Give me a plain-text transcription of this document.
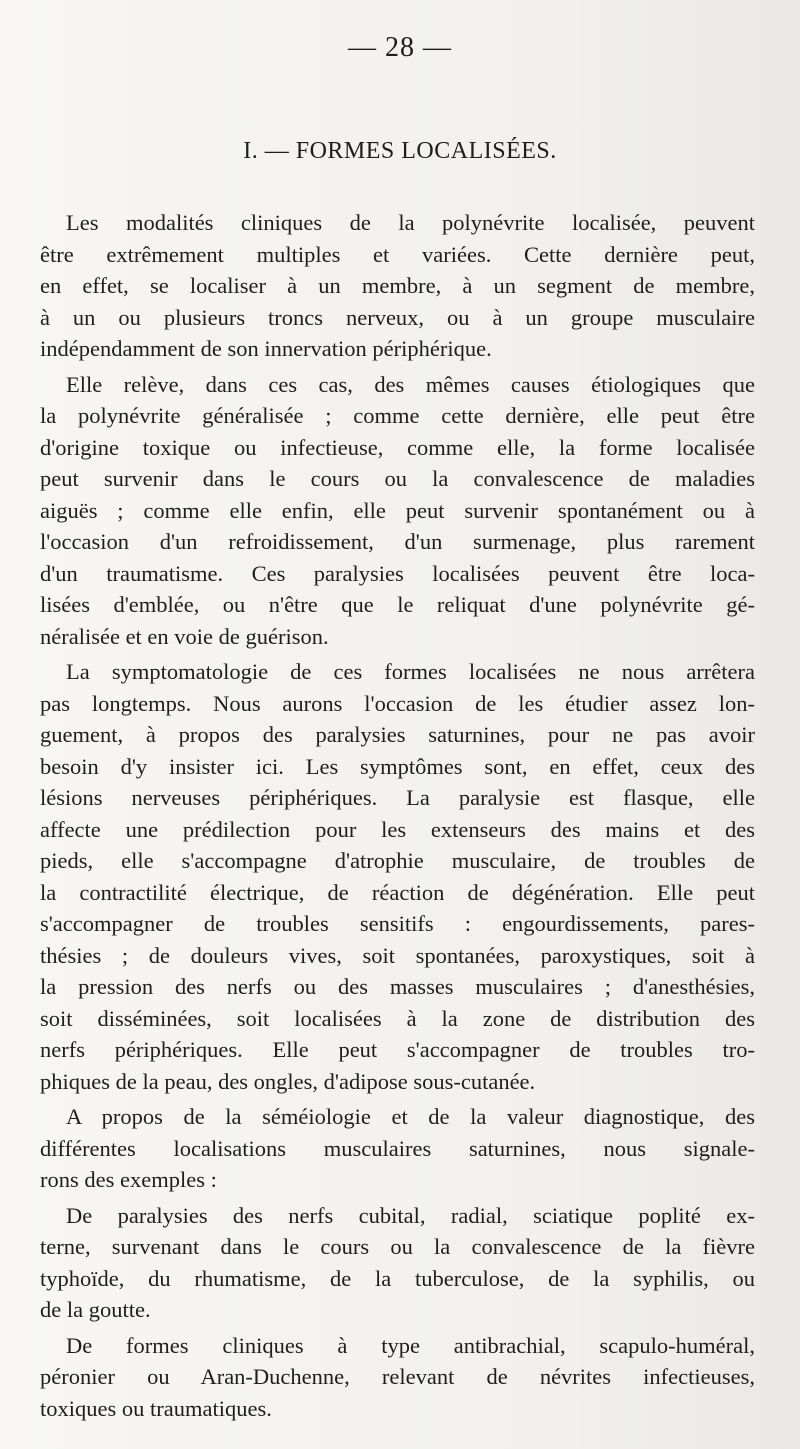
— 28 —
I. — FORMES LOCALISÉES.
Les modalités cliniques de la polynévrite localisée, peuvent
être extrêmement multiples et variées. Cette dernière peut,
en effet, se localiser à un membre, à un segment de membre,
à un ou plusieurs troncs nerveux, ou à un groupe musculaire
indépendamment de son innervation périphérique.
Elle relève, dans ces cas, des mêmes causes étiologiques que
la polynévrite généralisée ; comme cette dernière, elle peut être
d'origine toxique ou infectieuse, comme elle, la forme localisée
peut survenir dans le cours ou la convalescence de maladies
aiguës ; comme elle enfin, elle peut survenir spontanément ou à
l'occasion d'un refroidissement, d'un surmenage, plus rarement
d'un traumatisme. Ces paralysies localisées peuvent être loca-
lisées d'emblée, ou n'être que le reliquat d'une polynévrite gé-
néralisée et en voie de guérison.
La symptomatologie de ces formes localisées ne nous arrêtera
pas longtemps. Nous aurons l'occasion de les étudier assez lon-
guement, à propos des paralysies saturnines, pour ne pas avoir
besoin d'y insister ici. Les symptômes sont, en effet, ceux des
lésions nerveuses périphériques. La paralysie est flasque, elle
affecte une prédilection pour les extenseurs des mains et des
pieds, elle s'accompagne d'atrophie musculaire, de troubles de
la contractilité électrique, de réaction de dégénération. Elle peut
s'accompagner de troubles sensitifs : engourdissements, pares-
thésies ; de douleurs vives, soit spontanées, paroxystiques, soit à
la pression des nerfs ou des masses musculaires ; d'anesthésies,
soit disséminées, soit localisées à la zone de distribution des
nerfs périphériques. Elle peut s'accompagner de troubles tro-
phiques de la peau, des ongles, d'adipose sous-cutanée.
A propos de la séméiologie et de la valeur diagnostique, des
différentes localisations musculaires saturnines, nous signale-
rons des exemples :
De paralysies des nerfs cubital, radial, sciatique poplité ex-
terne, survenant dans le cours ou la convalescence de la fièvre
typhoïde, du rhumatisme, de la tuberculose, de la syphilis, ou
de la goutte.
De formes cliniques à type antibrachial, scapulo-huméral,
péronier ou Aran-Duchenne, relevant de névrites infectieuses,
toxiques ou traumatiques.
